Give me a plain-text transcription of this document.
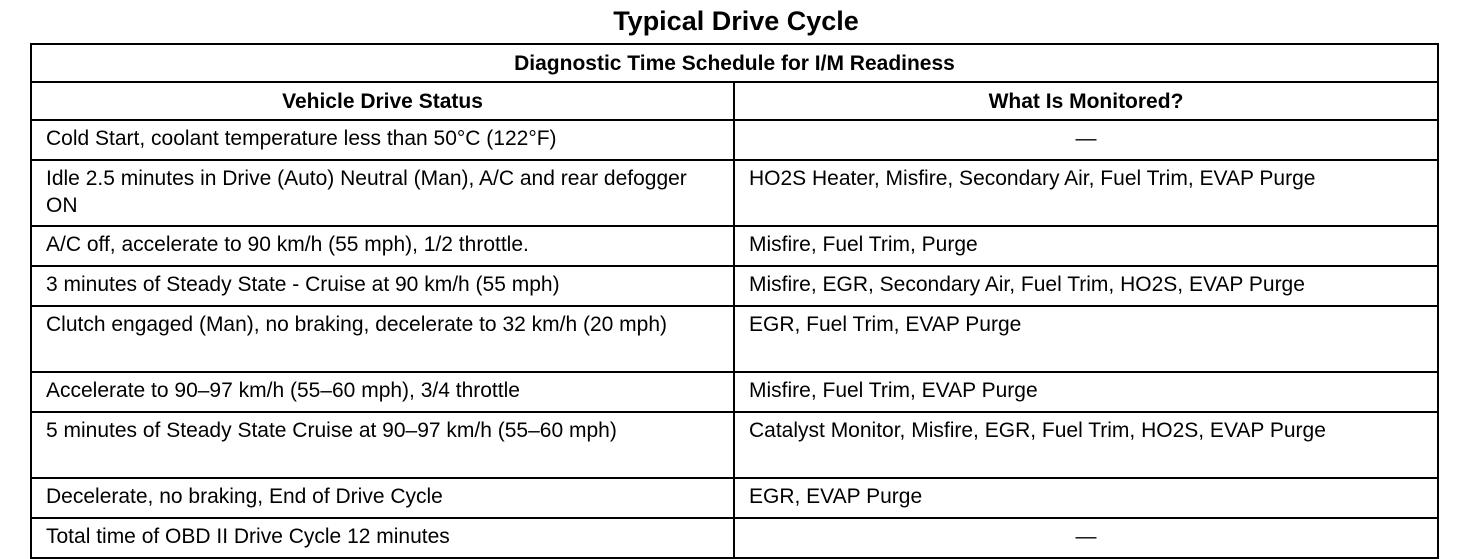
Typical Drive Cycle
Diagnostic Time Schedule for I/M Readiness	
Vehicle Drive Status	What Is Monitored?
Cold Start, coolant temperature less than 50°C (122°F)	—
Idle 2.5 minutes in Drive (Auto) Neutral (Man), A/C and rear defogger ON	HO2S Heater, Misfire, Secondary Air, Fuel Trim, EVAP Purge
A/C off, accelerate to 90 km/h (55 mph), 1/2 throttle.	Misfire, Fuel Trim, Purge
3 minutes of Steady State - Cruise at 90 km/h (55 mph)	Misfire, EGR, Secondary Air, Fuel Trim, HO2S, EVAP Purge
Clutch engaged (Man), no braking, decelerate to 32 km/h (20 mph)	EGR, Fuel Trim, EVAP Purge
Accelerate to 90–97 km/h (55–60 mph), 3/4 throttle	Misfire, Fuel Trim, EVAP Purge
5 minutes of Steady State Cruise at 90–97 km/h (55–60 mph)	Catalyst Monitor, Misfire, EGR, Fuel Trim, HO2S, EVAP Purge
Decelerate, no braking, End of Drive Cycle	EGR, EVAP Purge
Total time of OBD II Drive Cycle 12 minutes	—
